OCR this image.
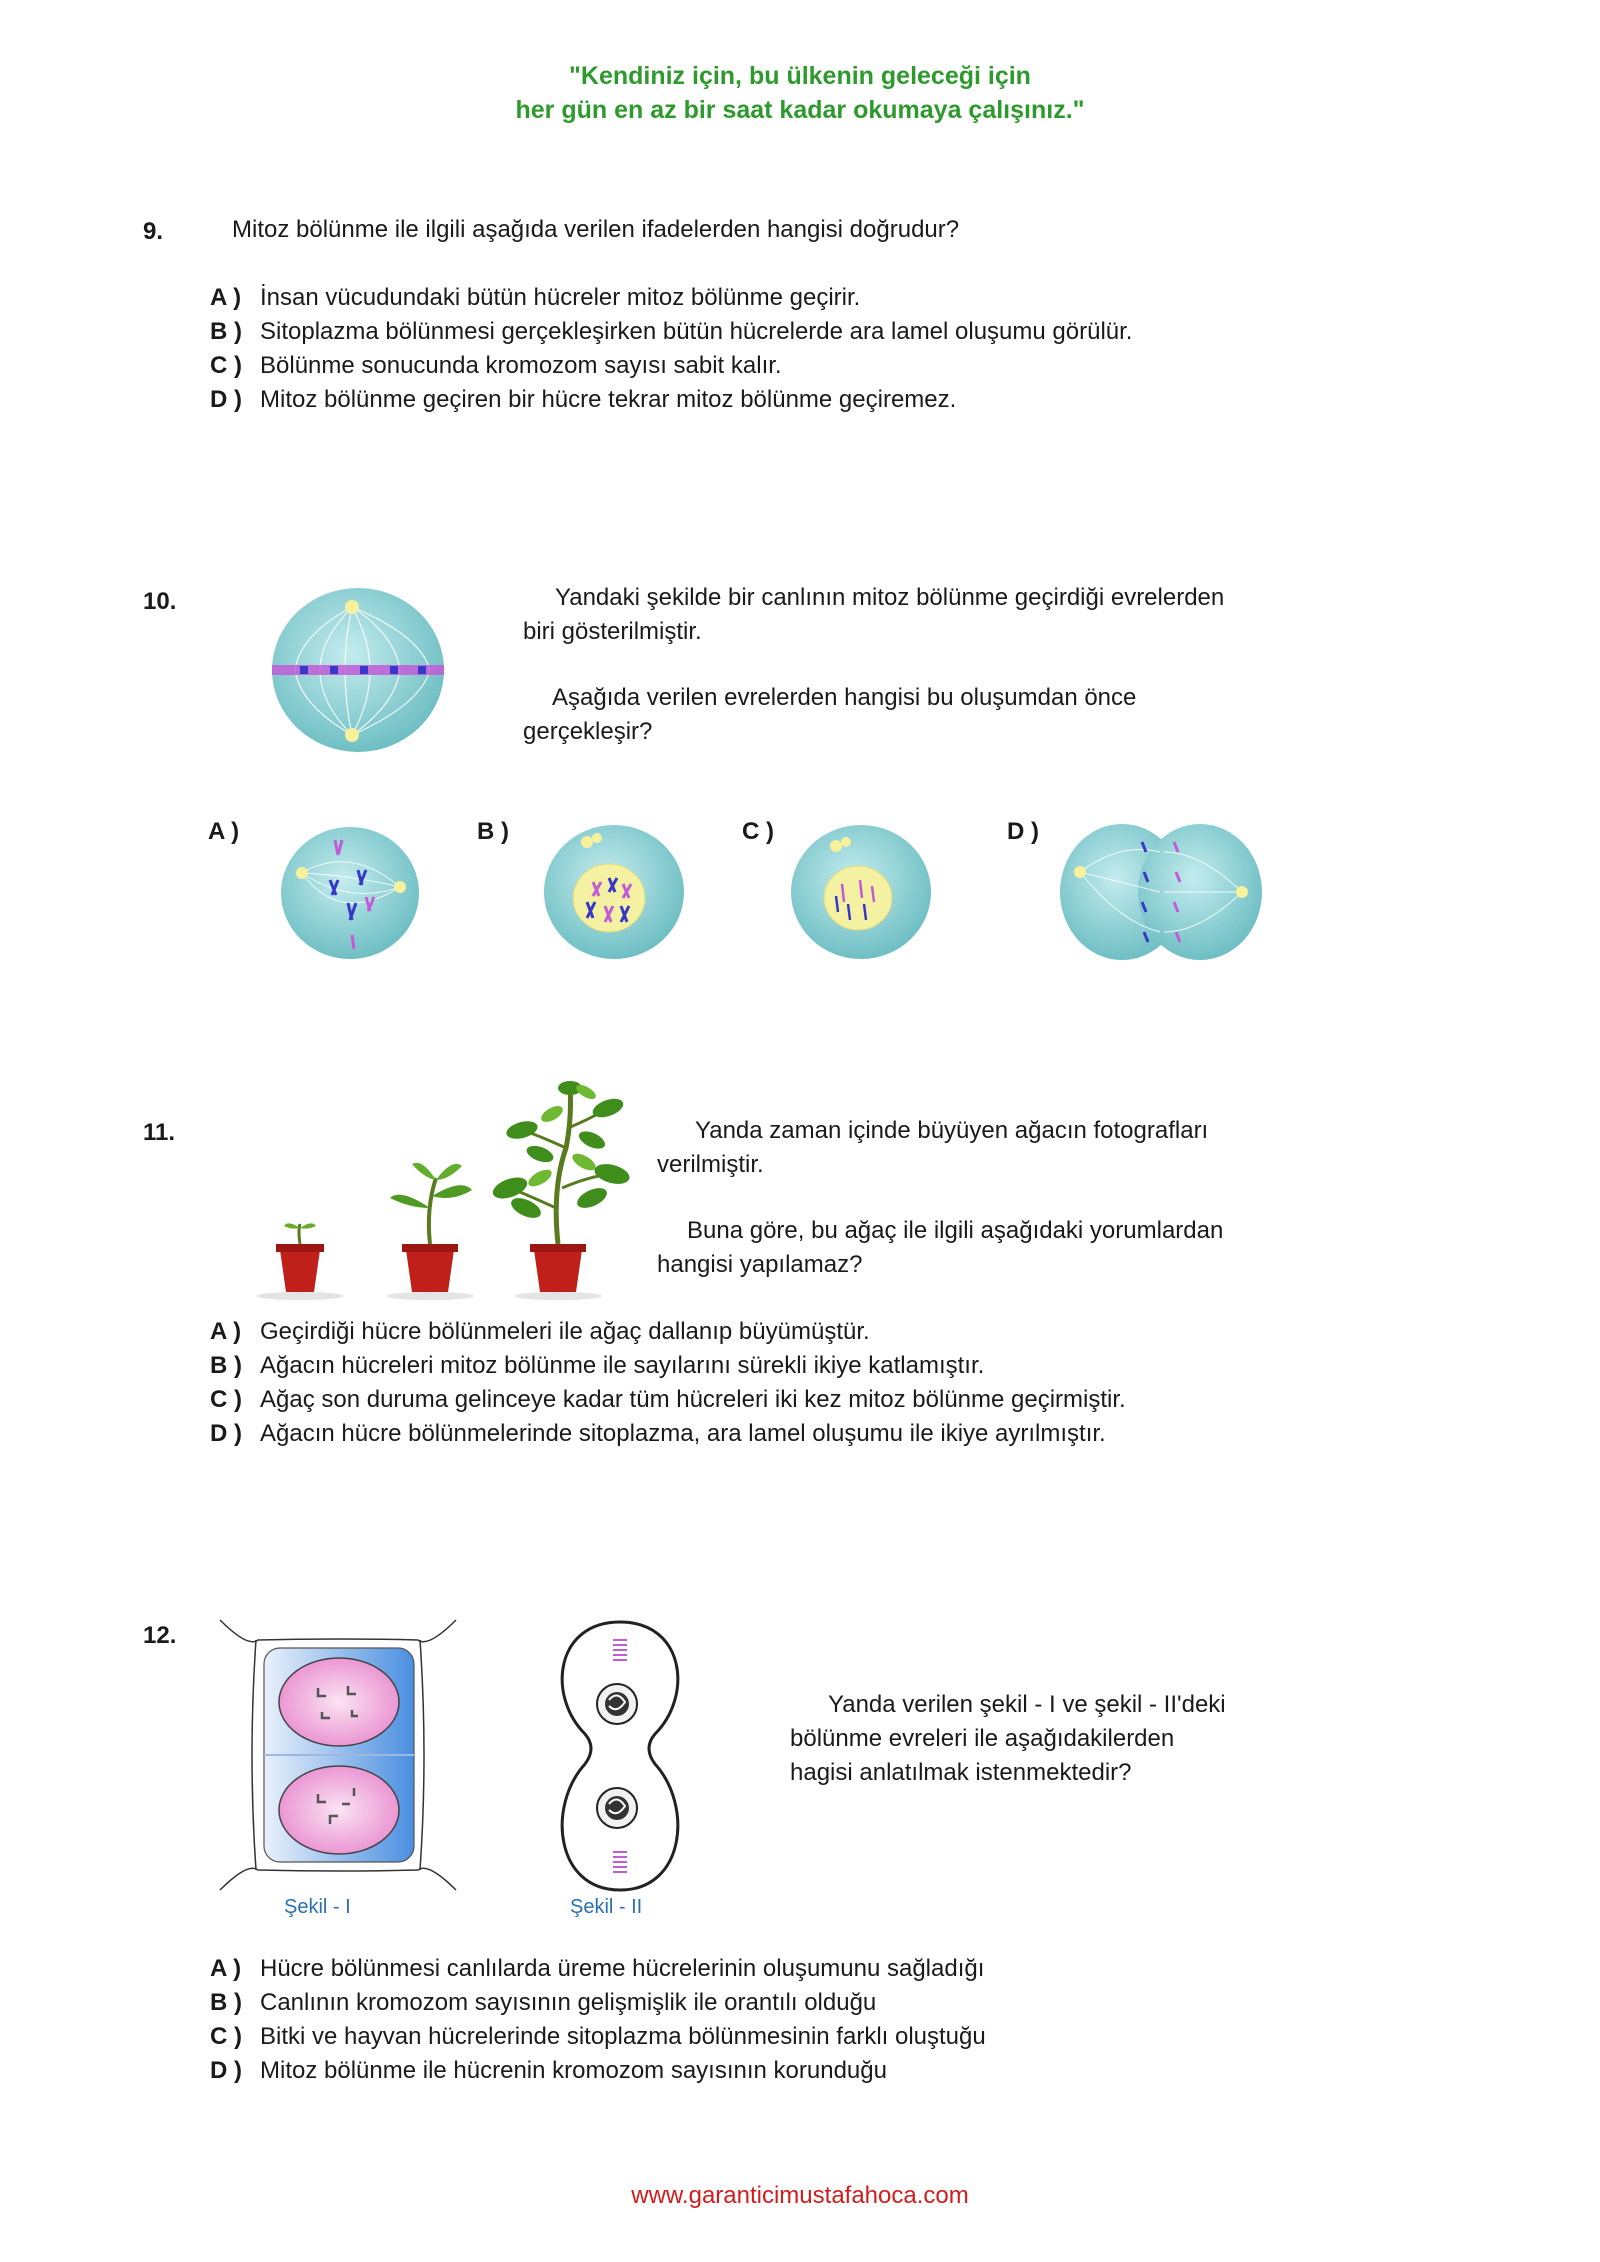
"Kendiniz için, bu ülkenin geleceği için
her gün en az bir saat kadar okumaya çalışınız."
9.	Mitoz bölünme ile ilgili aşağıda verilen ifadelerden hangisi doğrudur?
A ) İnsan vücudundaki bütün hücreler mitoz bölünme geçirir.
B ) Sitoplazma bölünmesi gerçekleşirken bütün hücrelerde ara lamel oluşumu görülür.
C ) Bölünme sonucunda kromozom sayısı sabit kalır.
D ) Mitoz bölünme geçiren bir hücre tekrar mitoz bölünme geçiremez.
10.	Yandaki şekilde bir canlının mitoz bölünme geçirdiği evrelerden
biri gösterilmiştir.
Aşağıda verilen evrelerden hangisi bu oluşumdan önce
gerçekleşir?
A )	B )	C )	D )
11.	Yanda zaman içinde büyüyen ağacın fotografları
verilmiştir.
Buna göre, bu ağaç ile ilgili aşağıdaki yorumlardan
hangisi yapılamaz?
A ) Geçirdiği hücre bölünmeleri ile ağaç dallanıp büyümüştür.
B ) Ağacın hücreleri mitoz bölünme ile sayılarını sürekli ikiye katlamıştır.
C ) Ağaç son duruma gelinceye kadar tüm hücreleri iki kez mitoz bölünme geçirmiştir.
D ) Ağacın hücre bölünmelerinde sitoplazma, ara lamel oluşumu ile ikiye ayrılmıştır.
12.
Şekil - I	Şekil - II
Yanda verilen şekil - I ve şekil - II'deki
bölünme evreleri ile aşağıdakilerden
hagisi anlatılmak istenmektedir?
A ) Hücre bölünmesi canlılarda üreme hücrelerinin oluşumunu sağladığı
B ) Canlının kromozom sayısının gelişmişlik ile orantılı olduğu
C ) Bitki ve hayvan hücrelerinde sitoplazma bölünmesinin farklı oluştuğu
D ) Mitoz bölünme ile hücrenin kromozom sayısının korunduğu
www.garanticimustafahoca.com
